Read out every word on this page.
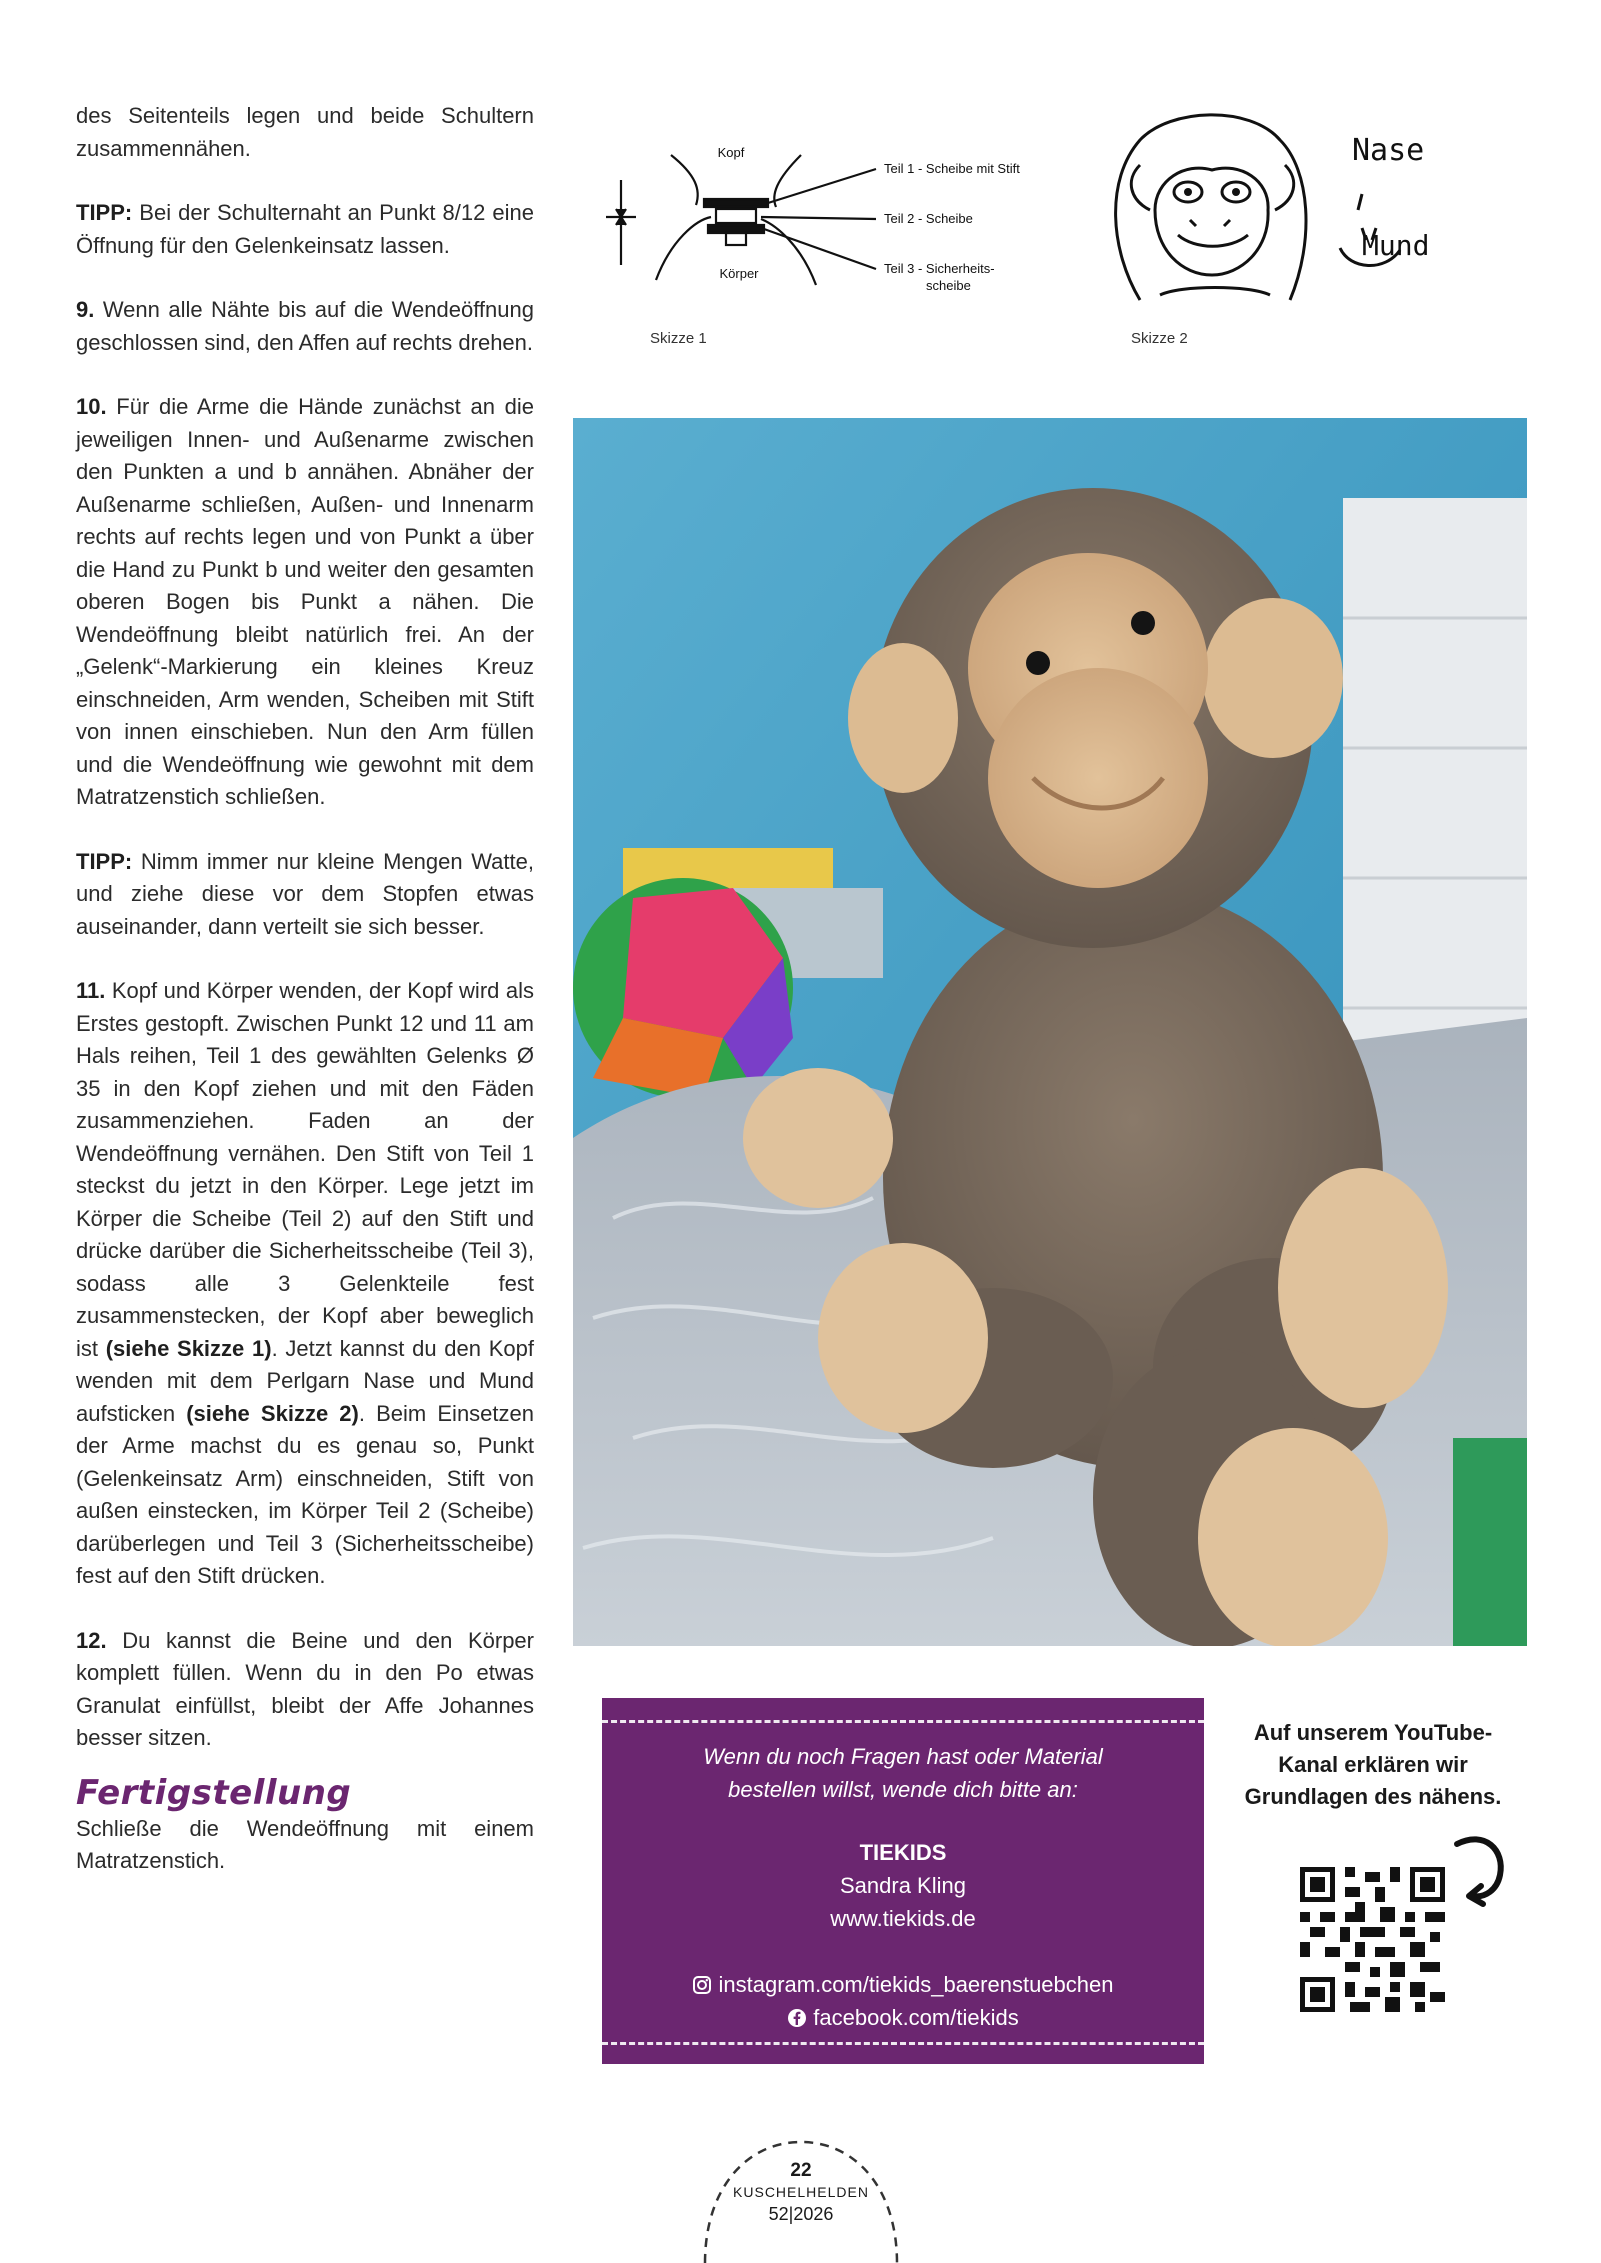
des Seitenteils legen und beide Schultern zusammennähen.

TIPP: Bei der Schulternaht an Punkt 8/12 eine Öffnung für den Gelenkeinsatz lassen.

9. Wenn alle Nähte bis auf die Wendeöffnung geschlossen sind, den Affen auf rechts drehen.

10. Für die Arme die Hände zunächst an die jeweiligen Innen- und Außenarme zwischen den Punkten a und b annähen. Abnäher der Außenarme schließen, Außen- und Innenarm rechts auf rechts legen und von Punkt a über die Hand zu Punkt b und weiter den gesamten oberen Bogen bis Punkt a nähen. Die Wendeöffnung bleibt natürlich frei. An der „Gelenk“-Markierung ein kleines Kreuz einschneiden, Arm wenden, Scheiben mit Stift von innen einschieben. Nun den Arm füllen und die Wendeöffnung wie gewohnt mit dem Matratzenstich schließen.

TIPP: Nimm immer nur kleine Mengen Watte, und ziehe diese vor dem Stopfen etwas auseinander, dann verteilt sie sich besser.

11. Kopf und Körper wenden, der Kopf wird als Erstes gestopft. Zwischen Punkt 12 und 11 am Hals reihen, Teil 1 des gewählten Gelenks Ø 35 in den Kopf ziehen und mit den Fäden zusammenziehen. Faden an der Wendeöffnung vernähen. Den Stift von Teil 1 steckst du jetzt in den Körper. Lege jetzt im Körper die Scheibe (Teil 2) auf den Stift und drücke darüber die Sicherheitsscheibe (Teil 3), sodass alle 3 Gelenkteile fest zusammenstecken, der Kopf aber beweglich ist (siehe Skizze 1). Jetzt kannst du den Kopf wenden mit dem Perlgarn Nase und Mund aufsticken (siehe Skizze 2). Beim Einsetzen der Arme machst du es genau so, Punkt (Gelenkeinsatz Arm) einschneiden, Stift von außen einstecken, im Körper Teil 2 (Scheibe) darüberlegen und Teil 3 (Sicherheitsscheibe) fest auf den Stift drücken.

12. Du kannst die Beine und den Körper komplett füllen. Wenn du in den Po etwas Granulat einfüllst, bleibt der Affe Johannes besser sitzen.

Fertigstellung

Schließe die Wendeöffnung mit einem Matratzenstich.

Kopf
Körper
Teil 1 - Scheibe mit Stift
Teil 2 - Scheibe
Teil 3 - Sicherheits-
scheibe
Skizze 1
Nase
Mund
Skizze 2
Wenn du noch Fragen hast oder Material
bestellen willst, wende dich bitte an:
TIEKIDS
Sandra Kling
www.tiekids.de
instagram.com/tiekids_baerenstuebchen
facebook.com/tiekids
Auf unserem YouTube-
Kanal erklären wir
Grundlagen des nähens.
22
KUSCHELHELDEN
52|2026
